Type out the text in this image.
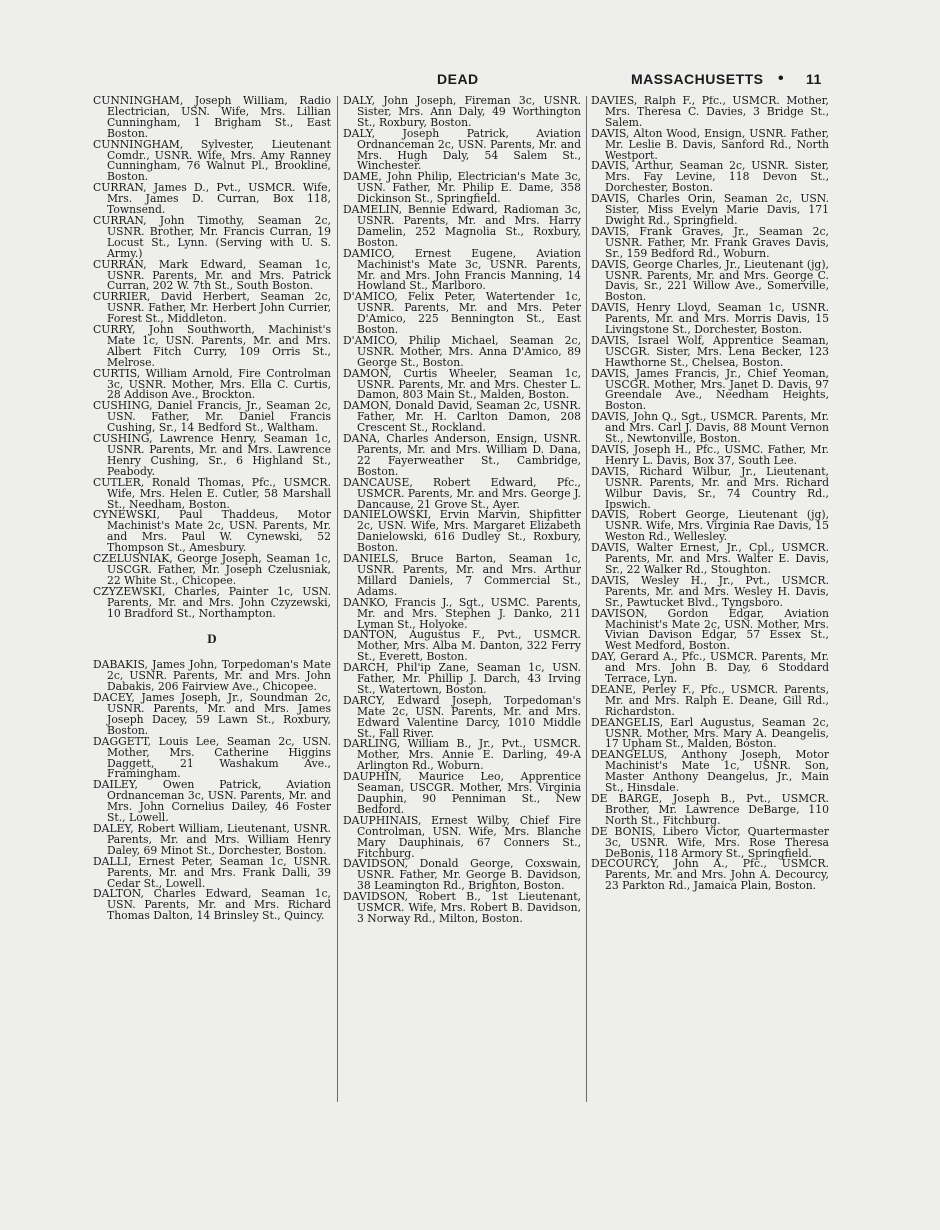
DEAD	MASSACHUSETTS • 11

CUNNINGHAM, Joseph William, Radio Electrician, USN. Wife, Mrs. Lillian Cunningham, 1 Brigham St., East Boston.

CUNNINGHAM, Sylvester, Lieutenant Comdr., USNR. Wife, Mrs. Amy Ranney Cunningham, 76 Walnut Pl., Brookline, Boston.

CURRAN, James D., Pvt., USMCR. Wife, Mrs. James D. Curran, Box 118, Townsend.

CURRAN, John Timothy, Seaman 2c, USNR. Brother, Mr. Francis Curran, 19 Locust St., Lynn. (Serving with U. S. Army.)

CURRAN, Mark Edward, Seaman 1c, USNR. Parents, Mr. and Mrs. Patrick Curran, 202 W. 7th St., South Boston.

CURRIER, David Herbert, Seaman 2c, USNR. Father, Mr. Herbert John Currier, Forest St., Middleton.

CURRY, John Southworth, Machinist's Mate 1c, USN. Parents, Mr. and Mrs. Albert Fitch Curry, 109 Orris St., Melrose.

CURTIS, William Arnold, Fire Controlman 3c, USNR. Mother, Mrs. Ella C. Curtis, 28 Addison Ave., Brockton.

CUSHING, Daniel Francis, Jr., Seaman 2c, USN. Father, Mr. Daniel Francis Cushing, Sr., 14 Bedford St., Waltham.

CUSHING, Lawrence Henry, Seaman 1c, USNR. Parents, Mr. and Mrs. Lawrence Henry Cushing, Sr., 6 Highland St., Peabody.

CUTLER, Ronald Thomas, Pfc., USMCR. Wife, Mrs. Helen E. Cutler, 58 Marshall St., Needham, Boston.

CYNEWSKI, Paul Thaddeus, Motor Machinist's Mate 2c, USN. Parents, Mr. and Mrs. Paul W. Cynewski, 52 Thompson St., Amesbury.

CZELUSNIAK, George Joseph, Seaman 1c, USCGR. Father, Mr. Joseph Czelusniak, 22 White St., Chicopee.

CZYZEWSKI, Charles, Painter 1c, USN. Parents, Mr. and Mrs. John Czyzewski, 10 Bradford St., Northampton.

D

DABAKIS, James John, Torpedoman's Mate 2c, USNR. Parents, Mr. and Mrs. John Dabakis, 206 Fairview Ave., Chicopee.

DACEY, James Joseph, Jr., Soundman 2c, USNR. Parents, Mr. and Mrs. James Joseph Dacey, 59 Lawn St., Roxbury, Boston.

DAGGETT, Louis Lee, Seaman 2c, USN. Mother, Mrs. Catherine Higgins Daggett, 21 Washakum Ave., Framingham.

DAILEY, Owen Patrick, Aviation Ordnanceman 3c, USN. Parents, Mr. and Mrs. John Cornelius Dailey, 46 Foster St., Lowell.

DALEY, Robert William, Lieutenant, USNR. Parents, Mr. and Mrs. William Henry Daley, 69 Minot St., Dorchester, Boston.

DALLI, Ernest Peter, Seaman 1c, USNR. Parents, Mr. and Mrs. Frank Dalli, 39 Cedar St., Lowell.

DALTON, Charles Edward, Seaman 1c, USN. Parents, Mr. and Mrs. Richard Thomas Dalton, 14 Brinsley St., Quincy.

DALY, John Joseph, Fireman 3c, USNR. Sister, Mrs. Ann Daly, 49 Worthington St., Roxbury, Boston.

DALY, Joseph Patrick, Aviation Ordnanceman 2c, USN. Parents, Mr. and Mrs. Hugh Daly, 54 Salem St., Winchester.

DAME, John Philip, Electrician's Mate 3c, USN. Father, Mr. Philip E. Dame, 358 Dickinson St., Springfield.

DAMELIN, Bennie Edward, Radioman 3c, USNR. Parents, Mr. and Mrs. Harry Damelin, 252 Magnolia St., Roxbury, Boston.

DAMICO, Ernest Eugene, Aviation Machinist's Mate 3c, USNR. Parents, Mr. and Mrs. John Francis Manning, 14 Howland St., Marlboro.

D'AMICO, Felix Peter, Watertender 1c, USNR. Parents, Mr. and Mrs. Peter D'Amico, 225 Bennington St., East Boston.

D'AMICO, Philip Michael, Seaman 2c, USNR. Mother, Mrs. Anna D'Amico, 89 George St., Boston.

DAMON, Curtis Wheeler, Seaman 1c, USNR. Parents, Mr. and Mrs. Chester L. Damon, 803 Main St., Malden, Boston.

DAMON, Donald David, Seaman 2c, USNR. Father, Mr. H. Carlton Damon, 208 Crescent St., Rockland.

DANA, Charles Anderson, Ensign, USNR. Parents, Mr. and Mrs. William D. Dana, 22 Fayerweather St., Cambridge, Boston.

DANCAUSE, Robert Edward, Pfc., USMCR. Parents, Mr. and Mrs. George J. Dancause, 21 Grove St., Ayer.

DANIELOWSKI, Ervin Marvin, Shipfitter 2c, USN. Wife, Mrs. Margaret Elizabeth Danielowski, 616 Dudley St., Roxbury, Boston.

DANIELS, Bruce Barton, Seaman 1c, USNR. Parents, Mr. and Mrs. Arthur Millard Daniels, 7 Commercial St., Adams.

DANKO, Francis J., Sgt., USMC. Parents, Mr. and Mrs. Stephen J. Danko, 211 Lyman St., Holyoke.

DANTON, Augustus F., Pvt., USMCR. Mother, Mrs. Alba M. Danton, 322 Ferry St., Everett, Boston.

DARCH, Phil'ip Zane, Seaman 1c, USN. Father, Mr. Phillip J. Darch, 43 Irving St., Watertown, Boston.

DARCY, Edward Joseph, Torpedoman's Mate 2c, USN. Parents, Mr. and Mrs. Edward Valentine Darcy, 1010 Middle St., Fall River.

DARLING, William B., Jr., Pvt., USMCR. Mother, Mrs. Annie E. Darling, 49-A Arlington Rd., Woburn.

DAUPHIN, Maurice Leo, Apprentice Seaman, USCGR. Mother, Mrs. Virginia Dauphin, 90 Penniman St., New Bedford.

DAUPHINAIS, Ernest Wilby, Chief Fire Controlman, USN. Wife, Mrs. Blanche Mary Dauphinais, 67 Conners St., Fitchburg.

DAVIDSON, Donald George, Coxswain, USNR. Father, Mr. George B. Davidson, 38 Leamington Rd., Brighton, Boston.

DAVIDSON, Robert B., 1st Lieutenant, USMCR. Wife, Mrs. Robert B. Davidson, 3 Norway Rd., Milton, Boston.

DAVIES, Ralph F., Pfc., USMCR. Mother, Mrs. Theresa C. Davies, 3 Bridge St., Salem.

DAVIS, Alton Wood, Ensign, USNR. Father, Mr. Leslie B. Davis, Sanford Rd., North Westport.

DAVIS, Arthur, Seaman 2c, USNR. Sister, Mrs. Fay Levine, 118 Devon St., Dorchester, Boston.

DAVIS, Charles Orin, Seaman 2c, USN. Sister, Miss Evelyn Marie Davis, 171 Dwight Rd., Springfield.

DAVIS, Frank Graves, Jr., Seaman 2c, USNR. Father, Mr. Frank Graves Davis, Sr., 159 Bedford Rd., Woburn.

DAVIS, George Charles, Jr., Lieutenant (jg), USNR. Parents, Mr. and Mrs. George C. Davis, Sr., 221 Willow Ave., Somerville, Boston.

DAVIS, Henry Lloyd, Seaman 1c, USNR. Parents, Mr. and Mrs. Morris Davis, 15 Livingstone St., Dorchester, Boston.

DAVIS, Israel Wolf, Apprentice Seaman, USCGR. Sister, Mrs. Lena Becker, 123 Hawthorne St., Chelsea, Boston.

DAVIS, James Francis, Jr., Chief Yeoman, USCGR. Mother, Mrs. Janet D. Davis, 97 Greendale Ave., Needham Heights, Boston.

DAVIS, John Q., Sgt., USMCR. Parents, Mr. and Mrs. Carl J. Davis, 88 Mount Vernon St., Newtonville, Boston.

DAVIS, Joseph H., Pfc., USMC. Father, Mr. Henry L. Davis, Box 37, South Lee.

DAVIS, Richard Wilbur, Jr., Lieutenant, USNR. Parents, Mr. and Mrs. Richard Wilbur Davis, Sr., 74 Country Rd., Ipswich.

DAVIS, Robert George, Lieutenant (jg), USNR. Wife, Mrs. Virginia Rae Davis, 15 Weston Rd., Wellesley.

DAVIS, Walter Ernest, Jr., Cpl., USMCR. Parents, Mr. and Mrs. Walter E. Davis, Sr., 22 Walker Rd., Stoughton.

DAVIS, Wesley H., Jr., Pvt., USMCR. Parents, Mr. and Mrs. Wesley H. Davis, Sr., Pawtucket Blvd., Tyngsboro.

DAVISON, Gordon Edgar, Aviation Machinist's Mate 2c, USN. Mother, Mrs. Vivian Davison Edgar, 57 Essex St., West Medford, Boston.

DAY, Gerard A., Pfc., USMCR. Parents, Mr. and Mrs. John B. Day, 6 Stoddard Terrace, Lyn.

DEANE, Perley F., Pfc., USMCR. Parents, Mr. and Mrs. Ralph E. Deane, Gill Rd., Richardston.

DEANGELIS, Earl Augustus, Seaman 2c, USNR. Mother, Mrs. Mary A. Deangelis, 17 Upham St., Malden, Boston.

DEANGELUS, Anthony Joseph, Motor Machinist's Mate 1c, USNR. Son, Master Anthony Deangelus, Jr., Main St., Hinsdale.

DE BARGE, Joseph B., Pvt., USMCR. Brother, Mr. Lawrence DeBarge, 110 North St., Fitchburg.

DE BONIS, Libero Victor, Quartermaster 3c, USNR. Wife, Mrs. Rose Theresa DeBonis, 118 Armory St., Springfield.

DECOURCY, John A., Pfc., USMCR. Parents, Mr. and Mrs. John A. Decourcy, 23 Parkton Rd., Jamaica Plain, Boston.
